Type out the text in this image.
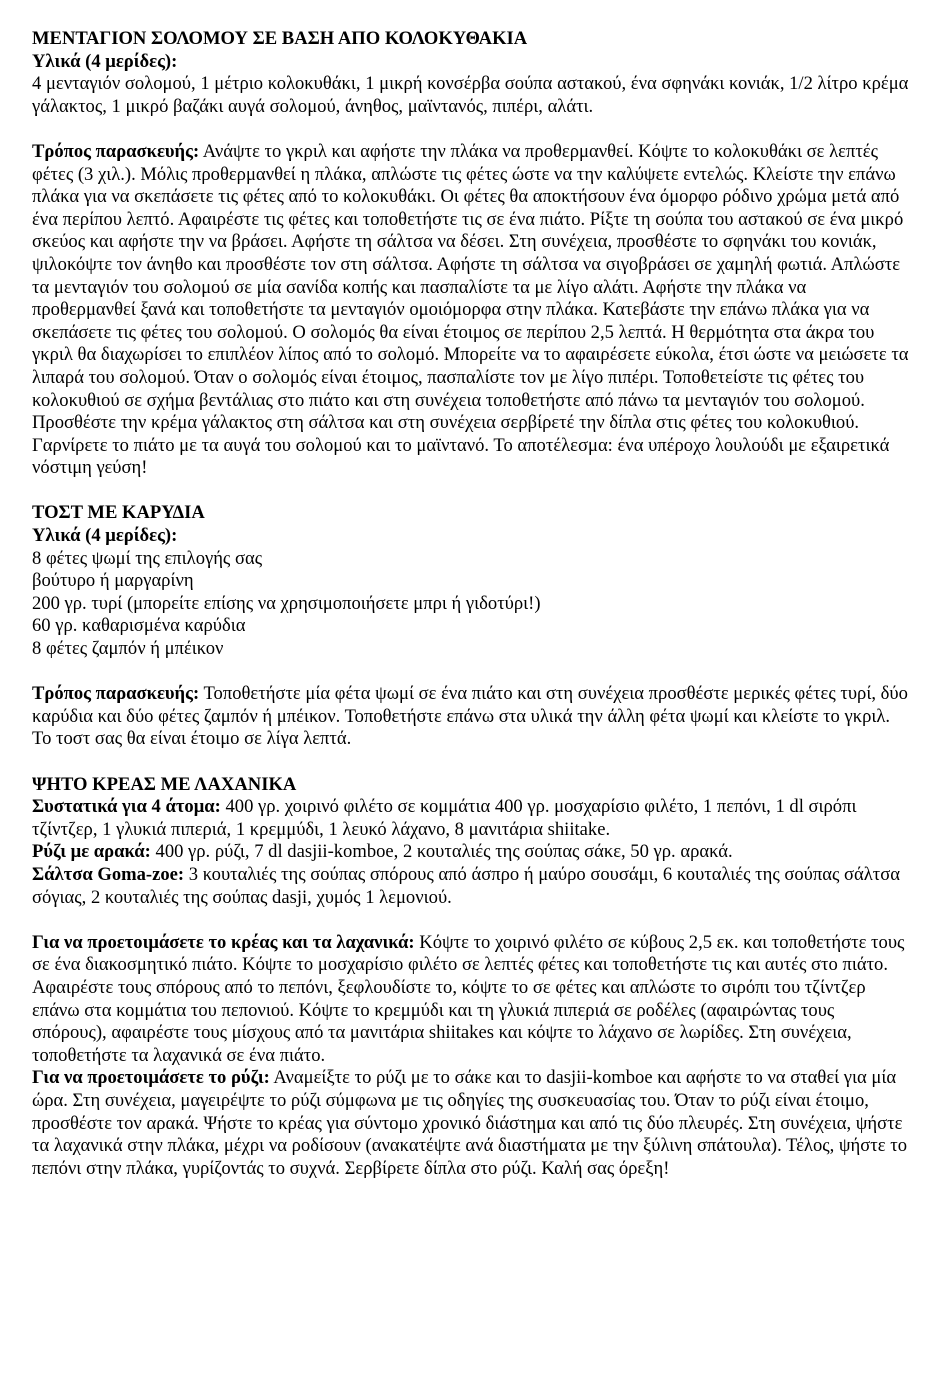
ΜΕΝΤΑΓΙΟΝ ΣΟΛΟΜΟΥ ΣΕ ΒΑΣΗ ΑΠΟ ΚΟΛΟΚΥΘΑΚΙΑ

Υλικά (4 μερίδες):

4 μενταγιόν σολομού, 1 μέτριο κολοκυθάκι, 1 μικρή κονσέρβα σούπα αστακού, ένα σφηνάκι κονιάκ, 1/2 λίτρο κρέμα γάλακτος, 1 μικρό βαζάκι αυγά σολομού, άνηθος, μαϊντανός, πιπέρι, αλάτι.

Τρόπος παρασκευής: Ανάψτε το γκριλ και αφήστε την πλάκα να προθερμανθεί. Κόψτε το κολοκυθάκι σε λεπτές φέτες (3 χιλ.). Μόλις προθερμανθεί η πλάκα, απλώστε τις φέτες ώστε να την καλύψετε εντελώς. Κλείστε την επάνω πλάκα για να σκεπάσετε τις φέτες από το κολοκυθάκι. Οι φέτες θα αποκτήσουν ένα όμορφο ρόδινο χρώμα μετά από ένα περίπου λεπτό. Αφαιρέστε τις φέτες και τοποθετήστε τις σε ένα πιάτο. Ρίξτε τη σούπα του αστακού σε ένα μικρό σκεύος και αφήστε την να βράσει. Αφήστε τη σάλτσα να δέσει. Στη συνέχεια, προσθέστε το σφηνάκι του κονιάκ, ψιλοκόψτε τον άνηθο και προσθέστε τον στη σάλτσα. Αφήστε τη σάλτσα να σιγοβράσει σε χαμηλή φωτιά. Απλώστε τα μενταγιόν του σολομού σε μία σανίδα κοπής και πασπαλίστε τα με λίγο αλάτι. Αφήστε την πλάκα να προθερμανθεί ξανά και τοποθετήστε τα μενταγιόν ομοιόμορφα στην πλάκα. Κατεβάστε την επάνω πλάκα για να σκεπάσετε τις φέτες του σολομού. Ο σολομός θα είναι έτοιμος σε περίπου 2,5 λεπτά. Η θερμότητα στα άκρα του γκριλ θα διαχωρίσει το επιπλέον λίπος από το σολομό. Μπορείτε να το αφαιρέσετε εύκολα, έτσι ώστε να μειώσετε τα λιπαρά του σολομού. Όταν ο σολομός είναι έτοιμος, πασπαλίστε τον με λίγο πιπέρι. Τοποθετείστε τις φέτες του κολοκυθιού σε σχήμα βεντάλιας στο πιάτο και στη συνέχεια τοποθετήστε από πάνω τα μενταγιόν του σολομού. Προσθέστε την κρέμα γάλακτος στη σάλτσα και στη συνέχεια σερβίρετέ την δίπλα στις φέτες του κολοκυθιού. Γαρνίρετε το πιάτο με τα αυγά του σολομού και το μαϊντανό. Το αποτέλεσμα: ένα υπέροχο λουλούδι με εξαιρετικά νόστιμη γεύση!

ΤΟΣΤ ΜΕ ΚΑΡΥΔΙΑ

Υλικά (4 μερίδες):

8 φέτες ψωμί της επιλογής σας
βούτυρο ή μαργαρίνη
200 γρ. τυρί (μπορείτε επίσης να χρησιμοποιήσετε μπρι ή γιδοτύρι!)
60 γρ. καθαρισμένα καρύδια
8 φέτες ζαμπόν ή μπέικον

Τρόπος παρασκευής: Τοποθετήστε μία φέτα ψωμί σε ένα πιάτο και στη συνέχεια προσθέστε μερικές φέτες τυρί, δύο καρύδια και δύο φέτες ζαμπόν ή μπέικον. Τοποθετήστε επάνω στα υλικά την άλλη φέτα ψωμί και κλείστε το γκριλ. Το τοστ σας θα είναι έτοιμο σε λίγα λεπτά.

ΨΗΤΟ ΚΡΕΑΣ ΜΕ ΛΑΧΑΝΙΚΑ

Συστατικά για 4 άτομα: 400 γρ. χοιρινό φιλέτο σε κομμάτια 400 γρ. μοσχαρίσιο φιλέτο, 1 πεπόνι, 1 dl σιρόπι τζίντζερ, 1 γλυκιά πιπεριά, 1 κρεμμύδι, 1 λευκό λάχανο, 8 μανιτάρια shiitake.

Ρύζι με αρακά: 400 γρ. ρύζι, 7 dl dasjii-komboe, 2 κουταλιές της σούπας σάκε, 50 γρ. αρακά.

Σάλτσα Goma-zoe: 3 κουταλιές της σούπας σπόρους από άσπρο ή μαύρο σουσάμι, 6 κουταλιές της σούπας σάλτσα σόγιας, 2 κουταλιές της σούπας dasji, χυμός 1 λεμονιού.

Για να προετοιμάσετε το κρέας και τα λαχανικά: Κόψτε το χοιρινό φιλέτο σε κύβους 2,5 εκ. και τοποθετήστε τους σε ένα διακοσμητικό πιάτο. Κόψτε το μοσχαρίσιο φιλέτο σε λεπτές φέτες και τοποθετήστε τις και αυτές στο πιάτο. Αφαιρέστε τους σπόρους από το πεπόνι, ξεφλουδίστε το, κόψτε το σε φέτες και απλώστε το σιρόπι του τζίντζερ επάνω στα κομμάτια του πεπονιού. Κόψτε το κρεμμύδι και τη γλυκιά πιπεριά σε ροδέλες (αφαιρώντας τους σπόρους), αφαιρέστε τους μίσχους από τα μανιτάρια shiitakes και κόψτε το λάχανο σε λωρίδες. Στη συνέχεια, τοποθετήστε τα λαχανικά σε ένα πιάτο.

Για να προετοιμάσετε το ρύζι: Αναμείξτε το ρύζι με το σάκε και το dasjii-komboe και αφήστε το να σταθεί για μία ώρα. Στη συνέχεια, μαγειρέψτε το ρύζι σύμφωνα με τις οδηγίες της συσκευασίας του. Όταν το ρύζι είναι έτοιμο, προσθέστε τον αρακά. Ψήστε το κρέας για σύντομο χρονικό διάστημα και από τις δύο πλευρές. Στη συνέχεια, ψήστε τα λαχανικά στην πλάκα, μέχρι να ροδίσουν (ανακατέψτε ανά διαστήματα με την ξύλινη σπάτουλα). Τέλος, ψήστε το πεπόνι στην πλάκα, γυρίζοντάς το συχνά. Σερβίρετε δίπλα στο ρύζι. Καλή σας όρεξη!
